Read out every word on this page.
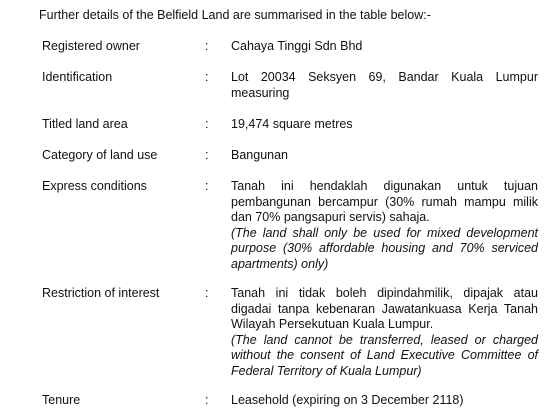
Further details of the Belfield Land are summarised in the table below:-
Registered owner	: Cahaya Tinggi Sdn Bhd

Identification	: Lot 20034 Seksyen 69, Bandar Kuala Lumpur measuring

Titled land area	: 19,474 square metres

Category of land use	: Bangunan

Express conditions	: Tanah ini hendaklah digunakan untuk tujuan pembangunan bercampur (30% rumah mampu milik dan 70% pangsapuri servis) sahaja.

(The land shall only be used for mixed development purpose (30% affordable housing and 70% serviced apartments) only)

Restriction of interest	: Tanah ini tidak boleh dipindahmilik, dipajak atau digadai tanpa kebenaran Jawatankuasa Kerja Tanah Wilayah Persekutuan Kuala Lumpur.

(The land cannot be transferred, leased or charged without the consent of Land Executive Committee of Federal Territory of Kuala Lumpur)

Tenure	: Leasehold (expiring on 3 December 2118)
